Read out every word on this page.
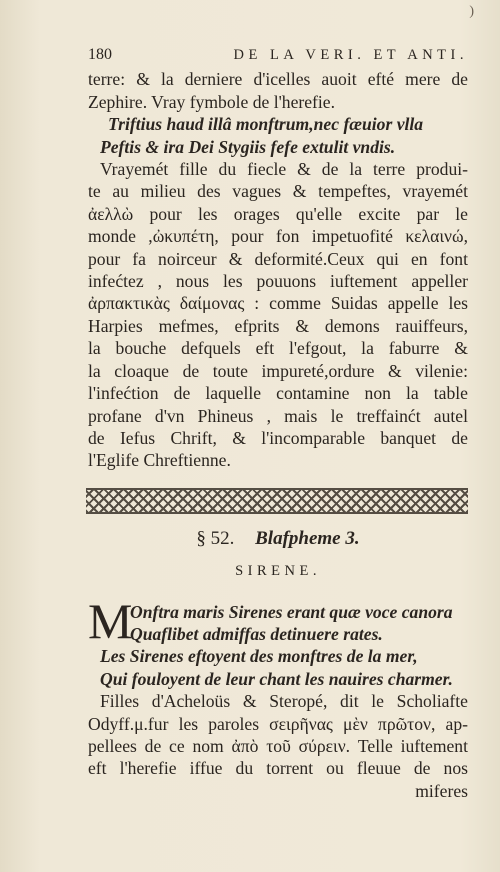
)
180	DE LA VERI. ET ANTI.
terre: & la derniere d'icelles auoit efté mere de
Zephire. Vray fymbole de l'herefie.
Triftius haud illâ monftrum,nec fæuior vlla
Peftis & ira Dei Stygiis fefe extulit vndis.
Vrayemét fille du fiecle & de la terre produi-
te au milieu des vagues & tempeftes, vrayemét
ἀελλὼ pour les orages qu'elle excite par le
monde ,ὠκυπέτη, pour fon impetuofité κελαινώ,
pour fa noirceur & deformité.Ceux qui en font
infećtez , nous les pouuons iuftement appeller
ἀρπακτικὰς δαίμονας : comme Suidas appelle les
Harpies mefmes, efprits & demons rauiffeurs,
la bouche defquels eft l'efgout, la faburre &
la cloaque de toute impureté,ordure & vilenie:
l'infećtion de laquelle contamine non la table
profane d'vn Phineus , mais le treffainćt autel
de Iefus Chrift, & l'incomparable banquet de
l'Eglife Chreftienne.
§ 52. Blafpheme 3.
SIRENE.
M
Onftra maris Sirenes erant quæ voce canora
Quaflibet admiffas detinuere rates.
Les Sirenes eftoyent des monftres de la mer,
Qui fouloyent de leur chant les nauires charmer.
Filles d'Acheloüs & Steropé, dit le Scholiafte
Odyff.μ.fur les paroles σειρῆνας μὲν πρῶτον, ap-
pellees de ce nom ἀπὸ τοῦ σύρειν. Telle iuftement
eft l'herefie iffue du torrent ou fleuue de nos
miferes
